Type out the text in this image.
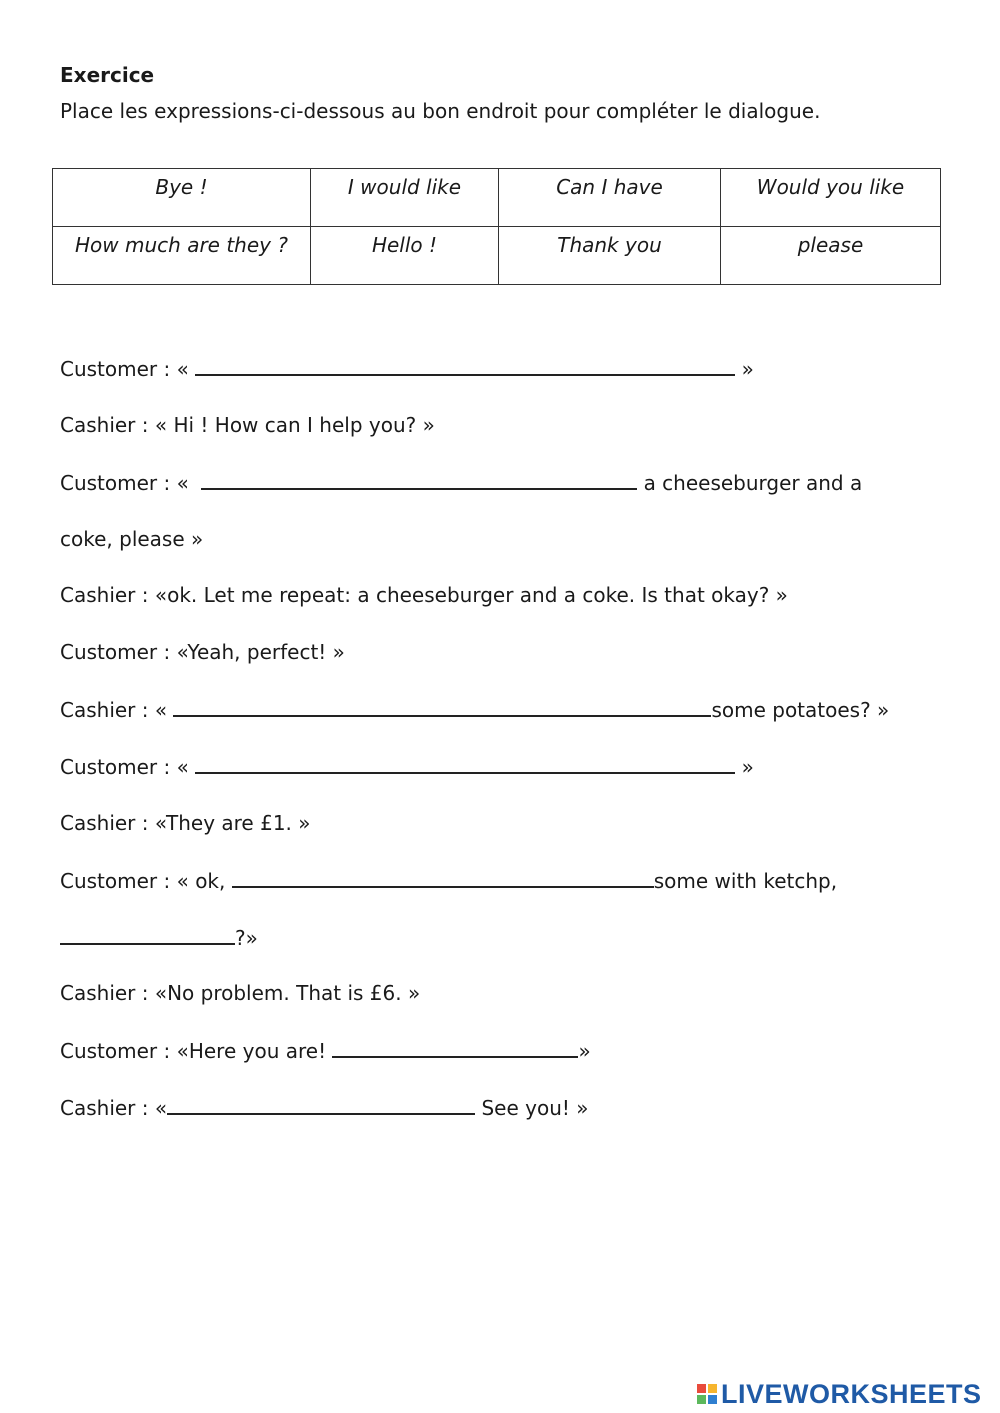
Exercice
Place les expressions-ci-dessous au bon endroit pour compléter le dialogue.
Bye !	I would like	Can I have	Would you like

How much are they ?	Hello !	Thank you	please
Customer : «	»
Cashier : « Hi ! How can I help you? »
Customer : «	a cheeseburger and a
coke, please »
Cashier : «ok. Let me repeat: a cheeseburger and a coke. Is that okay? »
Customer : «Yeah, perfect! »
Cashier : «	some potatoes? »
Customer : «	»
Cashier : «They are £1. »
Customer : « ok,	some with ketchp,
?»
Cashier : «No problem. That is £6. »
Customer : «Here you are!	»
Cashier : «	See you! »
LIVEWORKSHEETS
